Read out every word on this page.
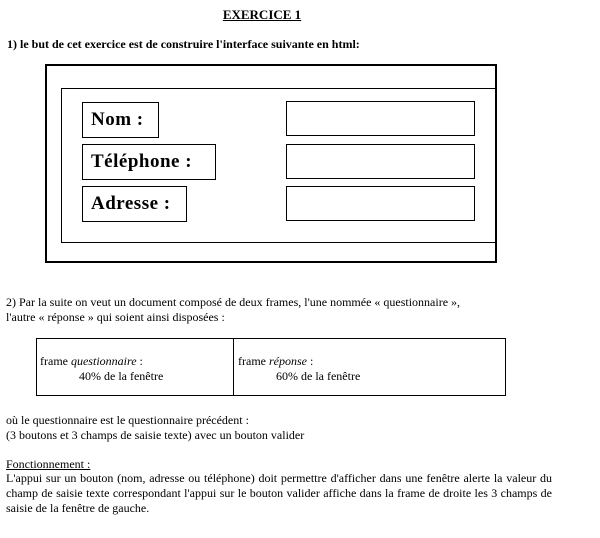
EXERCICE 1
1) le but de cet exercice est de construire l'interface suivante en html:
Nom :
Téléphone :
Adresse :
2) Par la suite on veut un document composé de deux frames, l'une nommée « questionnaire »,
l'autre « réponse » qui soient ainsi disposées :
frame questionnaire :
40% de la fenêtre
frame réponse :
60% de la fenêtre
où le questionnaire est le questionnaire précédent :
(3 boutons et 3 champs de saisie texte) avec un bouton valider
Fonctionnement :
L'appui sur un bouton (nom, adresse ou téléphone) doit permettre d'afficher dans une fenêtre alerte la valeur du champ de saisie texte correspondant l'appui sur le bouton valider affiche dans la frame de droite les 3 champs de saisie de la fenêtre de gauche.
